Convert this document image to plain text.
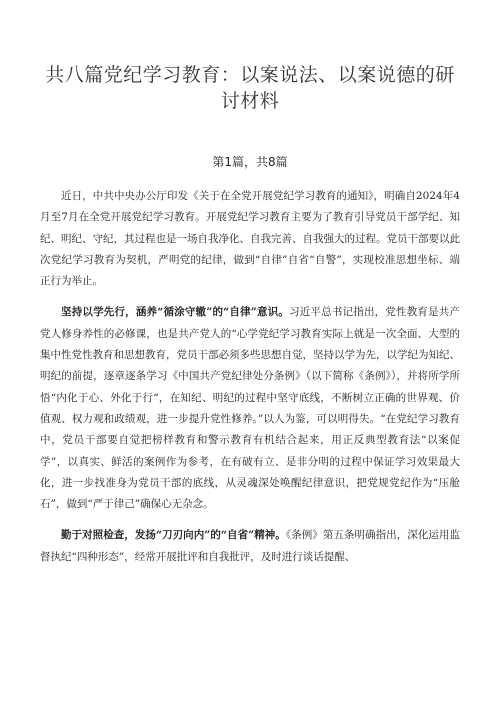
共八篇党纪学习教育：以案说法、以案说德的研讨材料
第1篇，共8篇

近日，中共中央办公厅印发《关于在全党开展党纪学习教育的通知》，明确自2024年4月至7月在全党开展党纪学习教育。开展党纪学习教育主要为了教育引导党员干部学纪、知纪、明纪、守纪，其过程也是一场自我净化、自我完善、自我强大的过程。党员干部要以此次党纪学习教育为契机，严明党的纪律，做到“自律”自省“自警”，实现校准思想坐标、端正行为举止。

坚持以学先行，涵养“循涂守辙”的“自律”意识。习近平总书记指出，党性教育是共产党人修身养性的必修课，也是共产党人的“心学党纪学习教育实际上就是一次全面、大型的集中性党性教育和思想教育，党员干部必须多些思想自觉，坚持以学为先，以学纪为知纪、明纪的前提，逐章逐条学习《中国共产党纪律处分条例》（以下简称《条例》），并将所学所悟“内化于心、外化于行“，在知纪、明纪的过程中坚守底线，不断树立正确的世界观、价值观、权力观和政绩观，进一步提升党性修养。”以人为鉴，可以明得失。“在党纪学习教育中，党员干部要自觉把榜样教育和警示教育有机结合起来，用正反典型教育法“以案促学”，以真实、鲜活的案例作为参考，在有破有立、是非分明的过程中保证学习效果最大化，进一步找准身为党员干部的底线，从灵魂深处唤醒纪律意识，把党规党纪作为“压舱石”，做到“严于律己”确保心无杂念。

勤于对照检查，发扬“刀刃向内”的“自省”精神。《条例》第五条明确指出，深化运用监督执纪“四种形态”，经常开展批评和自我批评，及时进行谈话提醒、
